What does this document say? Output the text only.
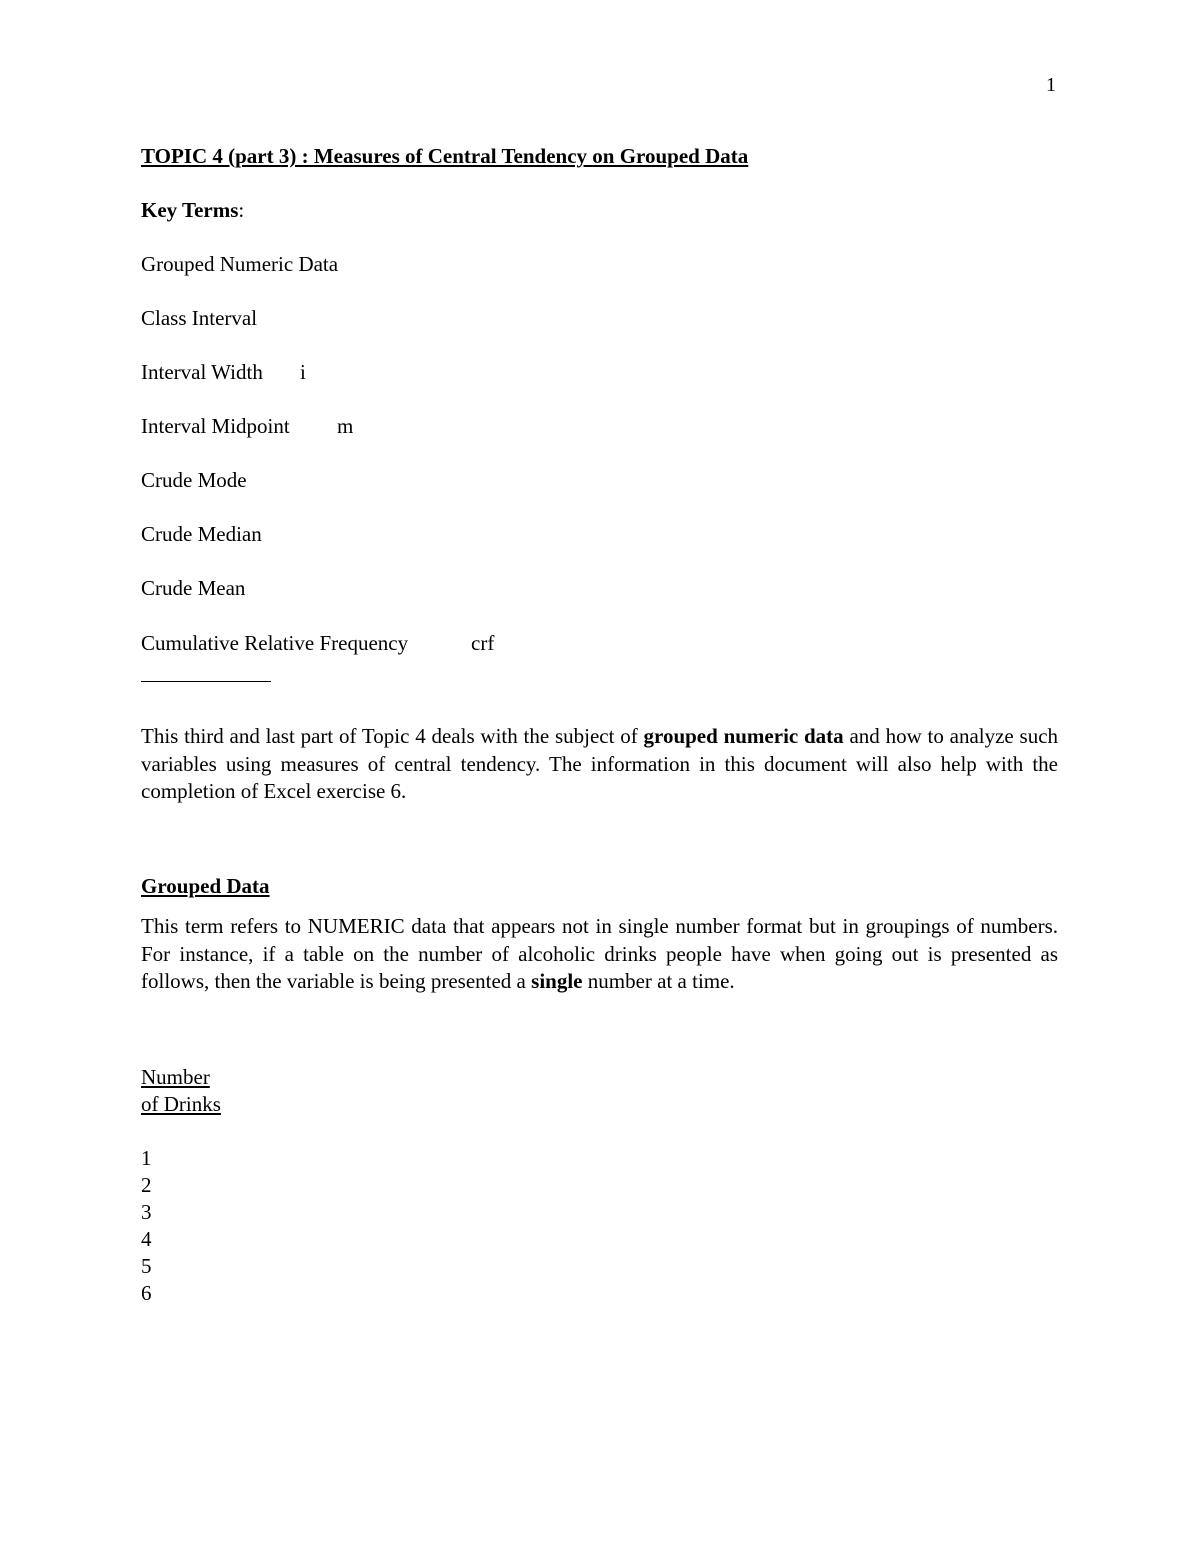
1
TOPIC 4 (part 3) : Measures of Central Tendency on Grouped Data
Key Terms:
Grouped Numeric Data
Class Interval
Interval Width i
Interval Midpoint m
Crude Mode
Crude Median
Crude Mean
Cumulative Relative Frequency	crf

This third and last part of Topic 4 deals with the subject of grouped numeric data and how to analyze such variables using measures of central tendency. The information in this document will also help with the completion of Excel exercise 6.

Grouped Data

This term refers to NUMERIC data that appears not in single number format but in groupings of numbers. For instance, if a table on the number of alcoholic drinks people have when going out is presented as follows, then the variable is being presented a single number at a time.

Number
of Drinks
1
2
3
4
5
6
